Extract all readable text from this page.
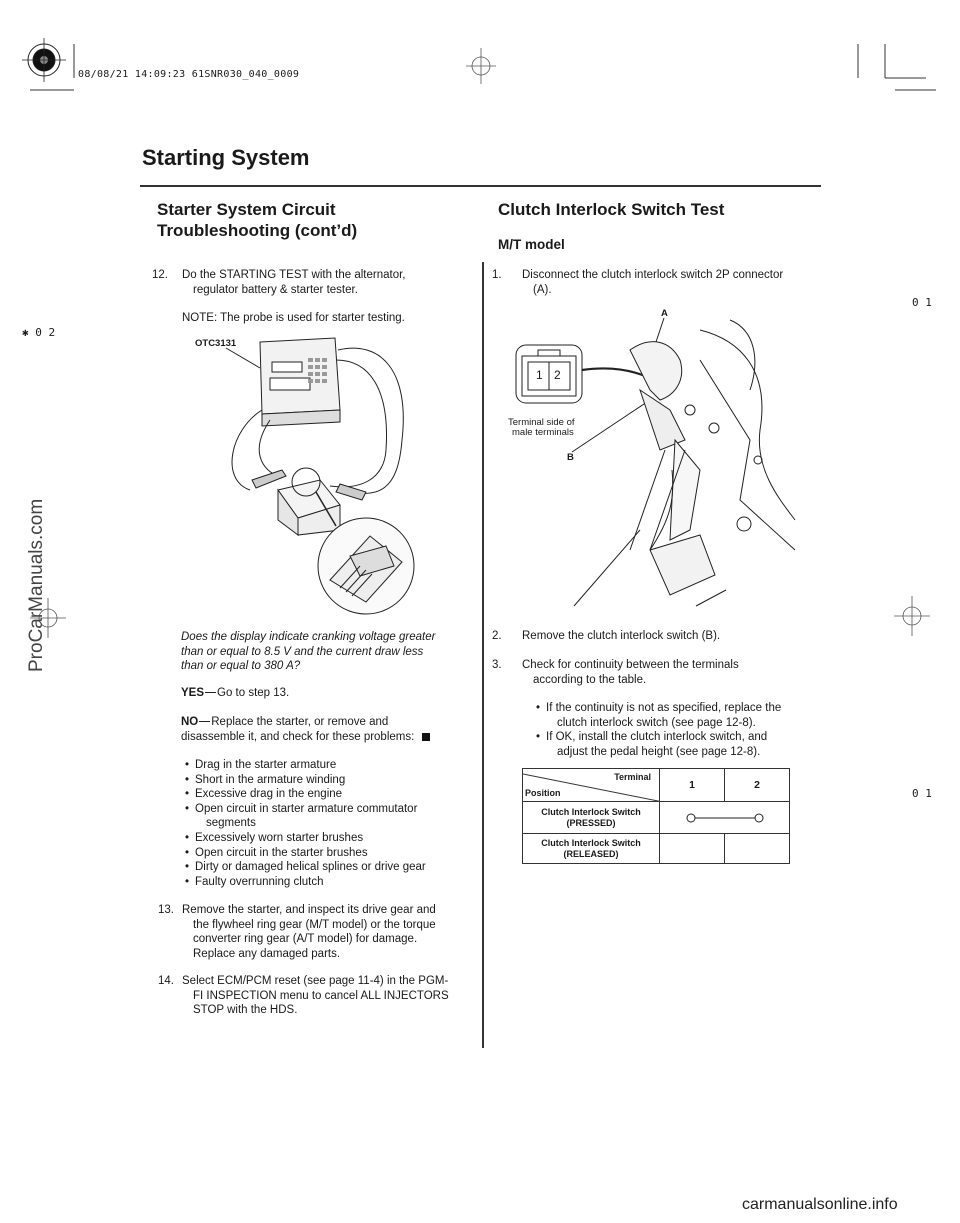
08/08/21 14:09:23 61SNR030_040_0009
✱ 0 2
0 1
0 1
Starting System
Starter System Circuit
Troubleshooting (cont’d)
12. Do the STARTING TEST with the alternator,
regulator battery & starter tester.
NOTE: The probe is used for starter testing.
OTC3131
Does the display indicate cranking voltage greater
than or equal to 8.5 V and the current draw less
than or equal to 380 A?
YES Go to step 13.
NO Replace the starter, or remove and
disassemble it, and check for these problems:
• Drag in the starter armature
• Short in the armature winding
• Excessive drag in the engine
• Open circuit in starter armature commutator
segments
• Excessively worn starter brushes
• Open circuit in the starter brushes
• Dirty or damaged helical splines or drive gear
• Faulty overrunning clutch
13. Remove the starter, and inspect its drive gear and
the flywheel ring gear (M/T model) or the torque
converter ring gear (A/T model) for damage.
Replace any damaged parts.
14. Select ECM/PCM reset (see page 11-4) in the PGM-
FI INSPECTION menu to cancel ALL INJECTORS
STOP with the HDS.
Clutch Interlock Switch Test
M/T model
1. Disconnect the clutch interlock switch 2P connector
(A).
1 2
A
B
Terminal side of
male terminals
2. Remove the clutch interlock switch (B).
3. Check for continuity between the terminals
according to the table.
• If the continuity is not as specified, replace the
clutch interlock switch (see page 12-8).
• If OK, install the clutch interlock switch, and
adjust the pedal height (see page 12-8).
Terminal
Position	1	2

Clutch Interlock Switch
(PRESSED)

Clutch Interlock Switch
(RELEASED)		

ProCarManuals.com
carmanualsonline.info
